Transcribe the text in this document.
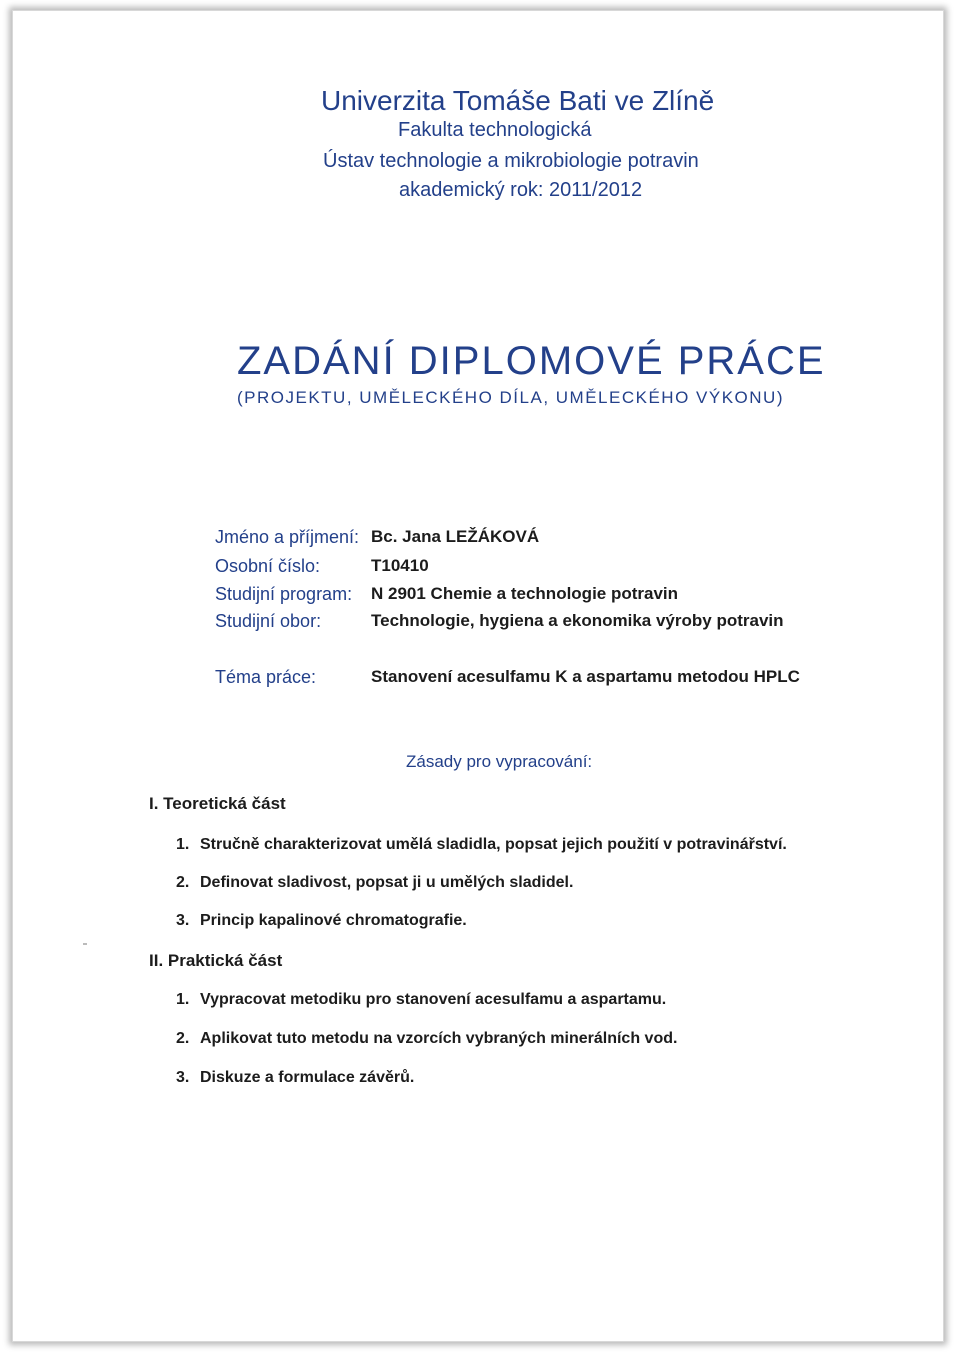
Univerzita Tomáše Bati ve Zlíně
Fakulta technologická
Ústav technologie a mikrobiologie potravin
akademický rok: 2011/2012
ZADÁNÍ DIPLOMOVÉ PRÁCE
(PROJEKTU, UMĚLECKÉHO DÍLA, UMĚLECKÉHO VÝKONU)
Jméno a příjmení: Bc. Jana LEŽÁKOVÁ
Osobní číslo:	T10410
Studijní program: N 2901 Chemie a technologie potravin
Studijní obor:	Technologie, hygiena a ekonomika výroby potravin
Téma práce:	Stanovení acesulfamu K a aspartamu metodou HPLC
Zásady pro vypracování:
I. Teoretická část
1. Stručně charakterizovat umělá sladidla, popsat jejich použití v potravinářství.
2. Definovat sladivost, popsat ji u umělých sladidel.
3. Princip kapalinové chromatografie.
II. Praktická část
1. Vypracovat metodiku pro stanovení acesulfamu a aspartamu.
2. Aplikovat tuto metodu na vzorcích vybraných minerálních vod.
3. Diskuze a formulace závěrů.
